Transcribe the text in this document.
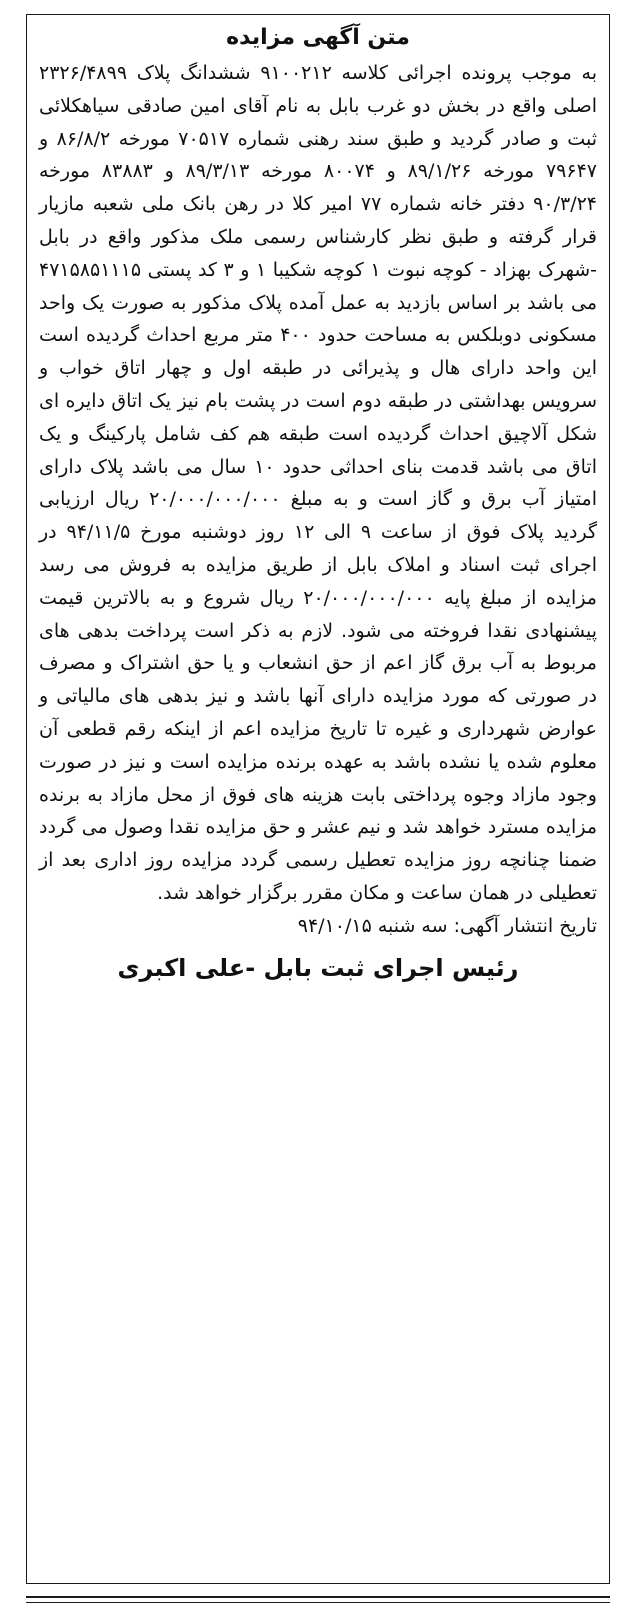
متن آگهی مزایده

به موجب پرونده اجرائی کلاسه ۹۱۰۰۲۱۲ ششدانگ پلاک ۲۳۲۶/۴۸۹۹ اصلی واقع در بخش دو غرب بابل به نام آقای امین صادقی سیاهکلائی ثبت و صادر گردید و طبق سند رهنی شماره ۷۰۵۱۷ مورخه ۸۶/۸/۲ و ۷۹۶۴۷ مورخه ۸۹/۱/۲۶ و ۸۰۰۷۴ مورخه ۸۹/۳/۱۳ و ۸۳۸۸۳ مورخه ۹۰/۳/۲۴ دفتر خانه شماره ۷۷ امیر کلا در رهن بانک ملی شعبه مازیار قرار گرفته و طبق نظر کارشناس رسمی ملک مذکور واقع در بابل -شهرک بهزاد - کوچه نبوت ۱ کوچه شکیبا ۱ و ۳ کد پستی ۴۷۱۵۸۵۱۱۱۵ می باشد بر اساس بازدید به عمل آمده پلاک مذکور به صورت یک واحد مسکونی دوبلکس به مساحت حدود ۴۰۰ متر مربع احداث گردیده است این واحد دارای هال و پذیرائی در طبقه اول و چهار اتاق خواب و سرویس بهداشتی در طبقه دوم است در پشت بام نیز یک اتاق دایره ای شکل آلاچیق احداث گردیده است طبقه هم کف شامل پارکینگ و یک اتاق می باشد قدمت بنای احداثی حدود ۱۰ سال می باشد پلاک دارای امتیاز آب برق و گاز است و به مبلغ ۲۰/۰۰۰/۰۰۰/۰۰۰ ریال ارزیابی گردید پلاک فوق از ساعت ۹ الی ۱۲ روز دوشنبه مورخ ۹۴/۱۱/۵ در اجرای ثبت اسناد و املاک بابل از طریق مزایده به فروش می رسد مزایده از مبلغ پایه ۲۰/۰۰۰/۰۰۰/۰۰۰ ریال شروع و به بالاترین قیمت پیشنهادی نقدا فروخته می شود. لازم به ذکر است پرداخت بدهی های مربوط به آب برق گاز اعم از حق انشعاب و یا حق اشتراک و مصرف در صورتی که مورد مزایده دارای آنها باشد و نیز بدهی های مالیاتی و عوارض شهرداری و غیره تا تاریخ مزایده اعم از اینکه رقم قطعی آن معلوم شده یا نشده باشد به عهده برنده مزایده است و نیز در صورت وجود مازاد وجوه پرداختی بابت هزینه های فوق از محل مازاد به برنده مزایده مسترد خواهد شد و نیم عشر و حق مزایده نقدا وصول می گردد ضمنا چنانچه روز مزایده تعطیل رسمی گردد مزایده روز اداری بعد از تعطیلی در همان ساعت و مکان مقرر برگزار خواهد شد.

تاریخ انتشار آگهی: سه شنبه ۹۴/۱۰/۱۵

رئیس اجرای ثبت بابل -علی اکبری
